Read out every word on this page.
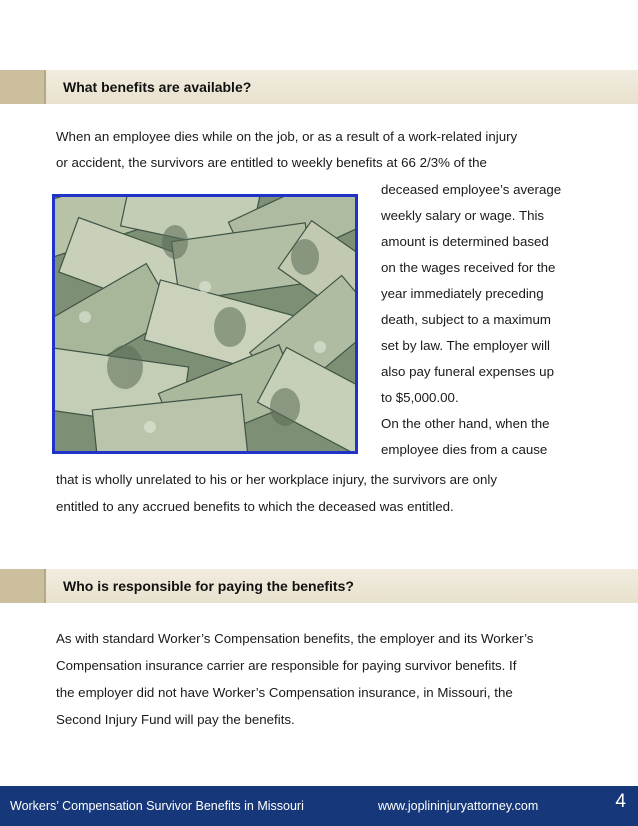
What benefits are available?
When an employee dies while on the job, or as a result of a work-related injury
or accident, the survivors are entitled to weekly benefits at 66 2/3% of the
deceased employee’s average
weekly salary or wage. This
amount is determined based
on the wages received for the
year immediately preceding
death, subject to a maximum
set by law. The employer will
also pay funeral expenses up
to $5,000.00.
On the other hand, when the
employee dies from a cause
that is wholly unrelated to his or her workplace injury, the survivors are only
entitled to any accrued benefits to which the deceased was entitled.
Who is responsible for paying the benefits?
As with standard Worker’s Compensation benefits, the employer and its Worker’s
Compensation insurance carrier are responsible for paying survivor benefits. If
the employer did not have Worker’s Compensation insurance, in Missouri, the
Second Injury Fund will pay the benefits.
Workers’ Compensation Survivor Benefits in Missouri	www.joplininjuryattorney.com	4
